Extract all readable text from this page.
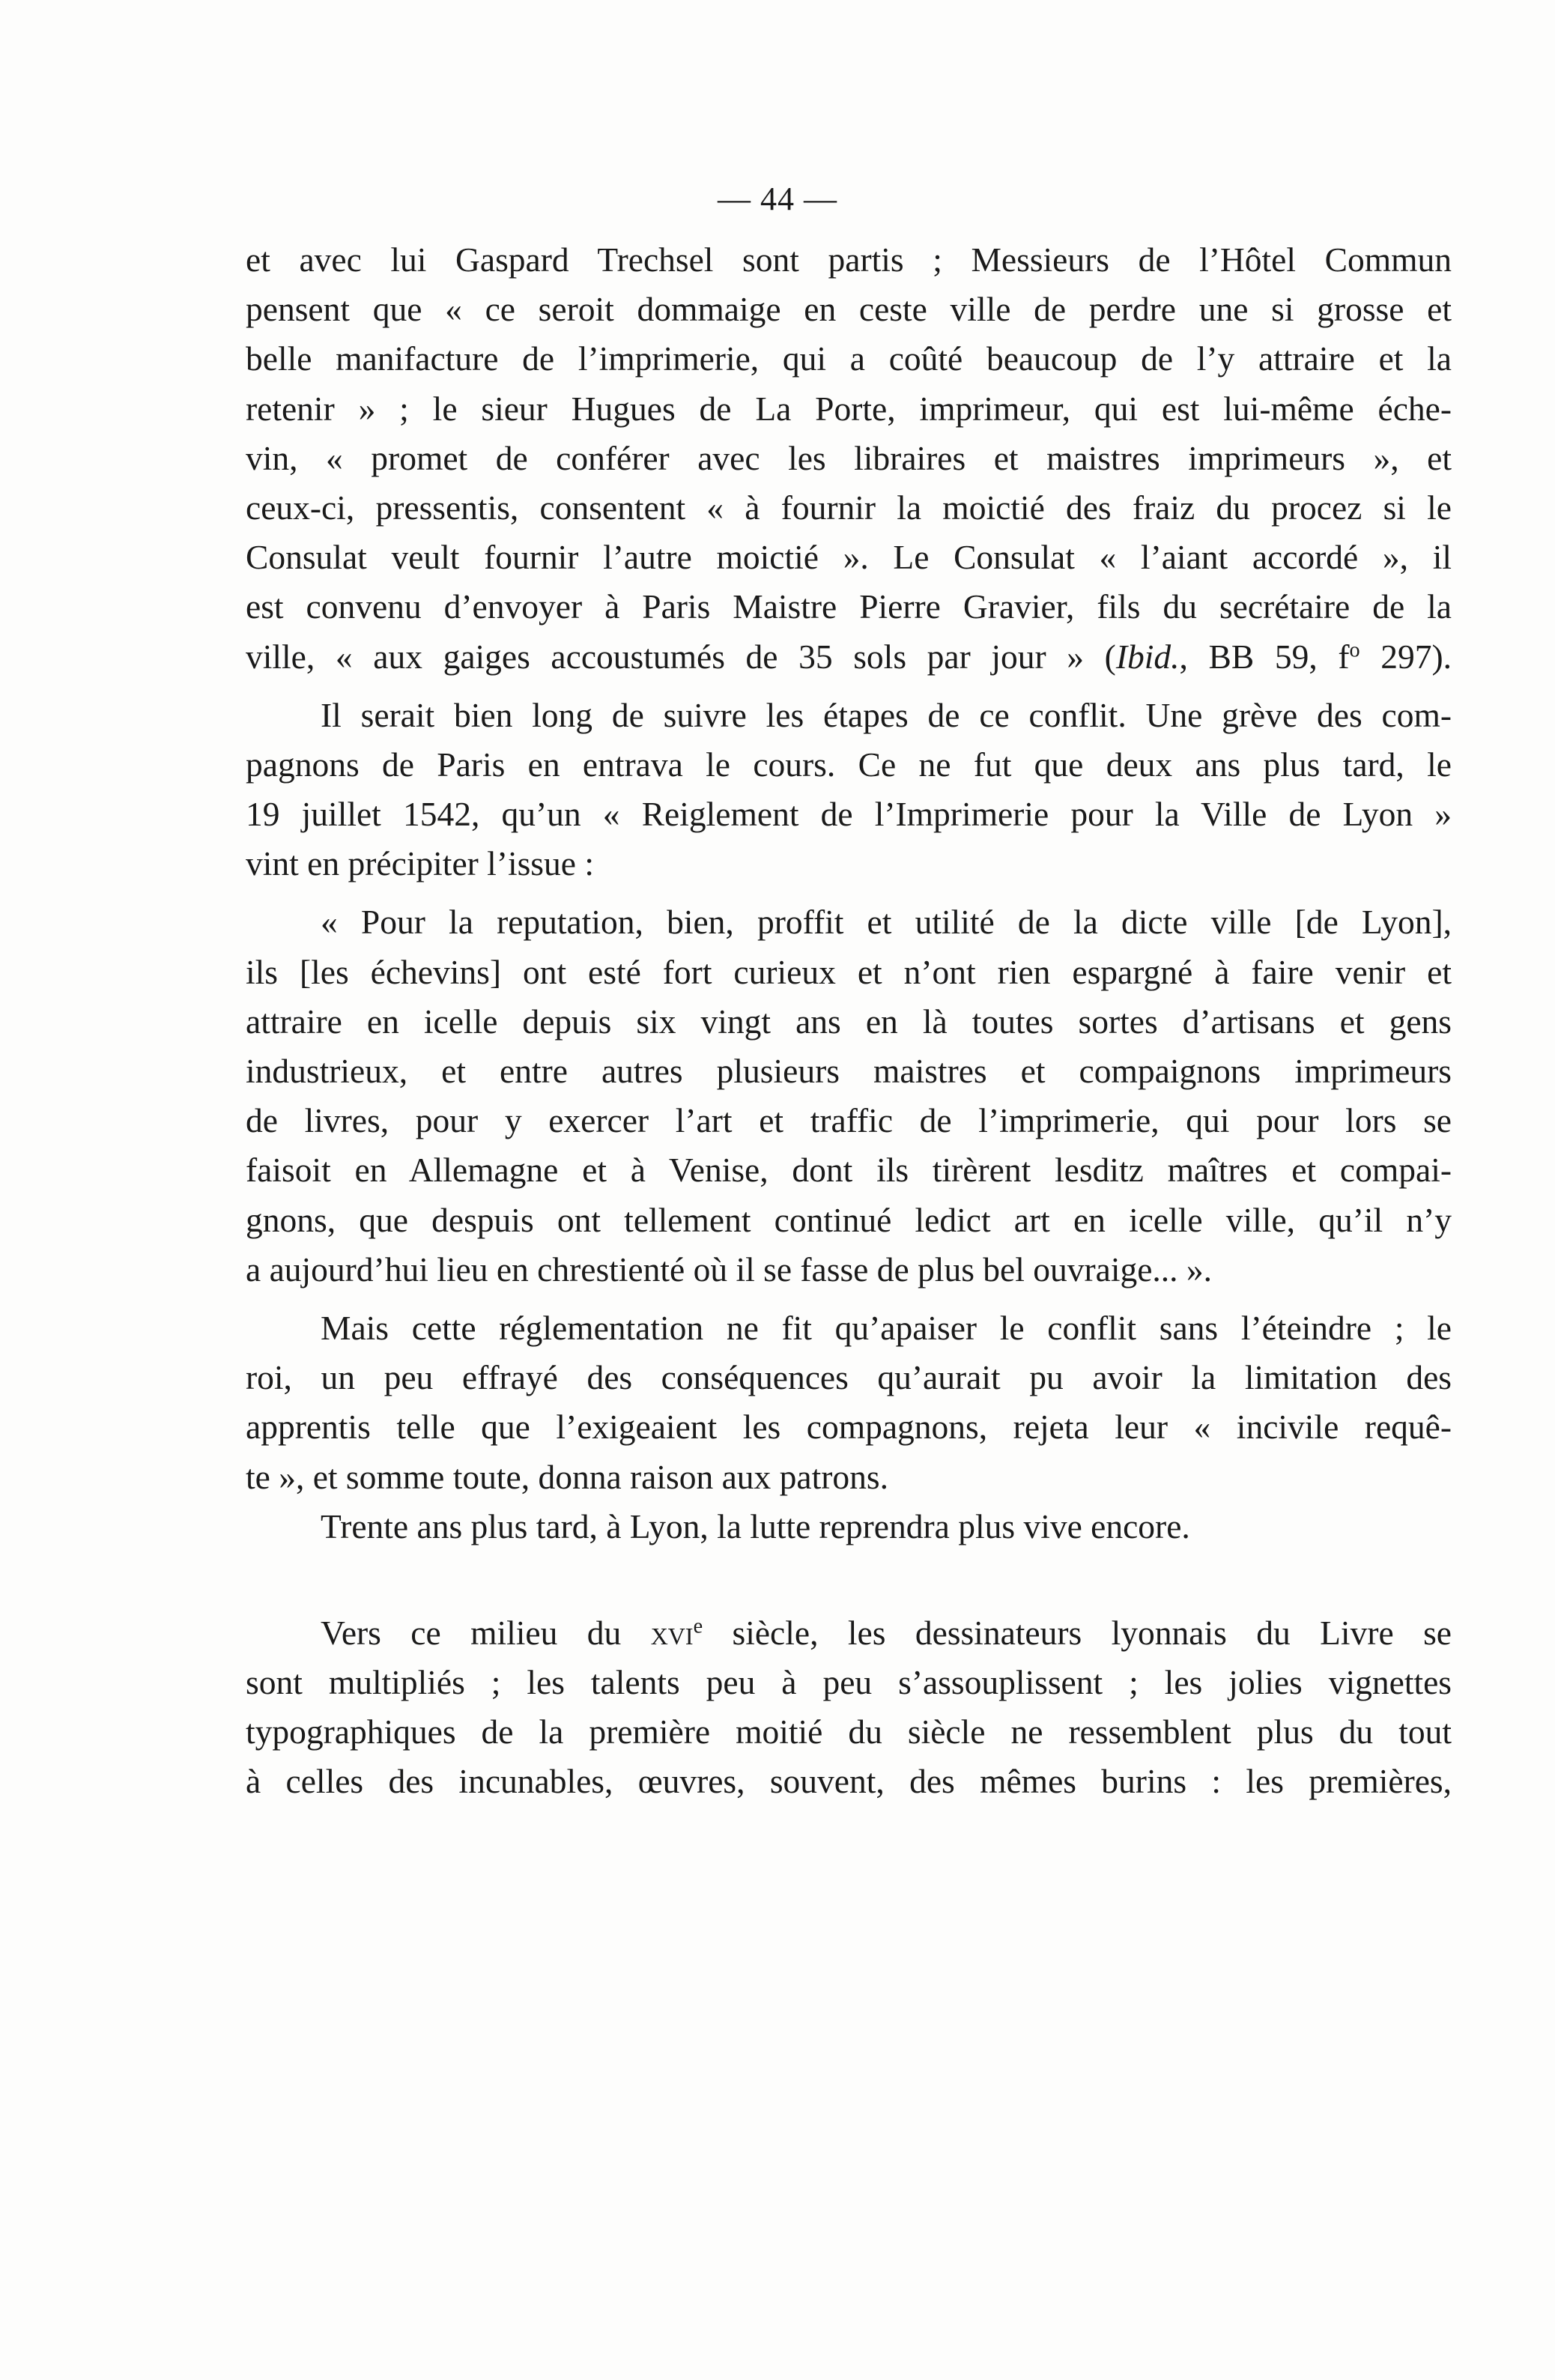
— 44 —
et avec lui Gaspard Trechsel sont partis ; Messieurs de l’Hôtel Commun
pensent que « ce seroit dommaige en ceste ville de perdre une si grosse et
belle manifacture de l’imprimerie, qui a coûté beaucoup de l’y attraire et la
retenir » ; le sieur Hugues de La Porte, imprimeur, qui est lui-même éche-
vin, « promet de conférer avec les libraires et maistres imprimeurs », et
ceux-ci, pressentis, consentent « à fournir la moictié des fraiz du procez si le
Consulat veult fournir l’autre moictié ». Le Consulat « l’aiant accordé », il
est convenu d’envoyer à Paris Maistre Pierre Gravier, fils du secrétaire de la
ville, « aux gaiges accoustumés de 35 sols par jour » (Ibid., BB 59, $f^o$ 297).
Il serait bien long de suivre les étapes de ce conflit. Une grève des com-
pagnons de Paris en entrava le cours. Ce ne fut que deux ans plus tard, le
19 juillet 1542, qu’un « Reiglement de l’Imprimerie pour la Ville de Lyon »
vint en précipiter l’issue :
« Pour la reputation, bien, proffit et utilité de la dicte ville [de Lyon],
ils [les échevins] ont esté fort curieux et n’ont rien espargné à faire venir et
attraire en icelle depuis six vingt ans en là toutes sortes d’artisans et gens
industrieux, et entre autres plusieurs maistres et compaignons imprimeurs
de livres, pour y exercer l’art et traffic de l’imprimerie, qui pour lors se
faisoit en Allemagne et à Venise, dont ils tirèrent lesditz maîtres et compai-
gnons, que despuis ont tellement continué ledict art en icelle ville, qu’il n’y
a aujourd’hui lieu en chrestienté où il se fasse de plus bel ouvraige... ».
Mais cette réglementation ne fit qu’apaiser le conflit sans l’éteindre ; le
roi, un peu effrayé des conséquences qu’aurait pu avoir la limitation des
apprentis telle que l’exigeaient les compagnons, rejeta leur « incivile requê-
te », et somme toute, donna raison aux patrons.
Trente ans plus tard, à Lyon, la lutte reprendra plus vive encore.
Vers ce milieu du xvi$^e$ siècle, les dessinateurs lyonnais du Livre se
sont multipliés ; les talents peu à peu s’assouplissent ; les jolies vignettes
typographiques de la première moitié du siècle ne ressemblent plus du tout
à celles des incunables, œuvres, souvent, des mêmes burins : les premières,
